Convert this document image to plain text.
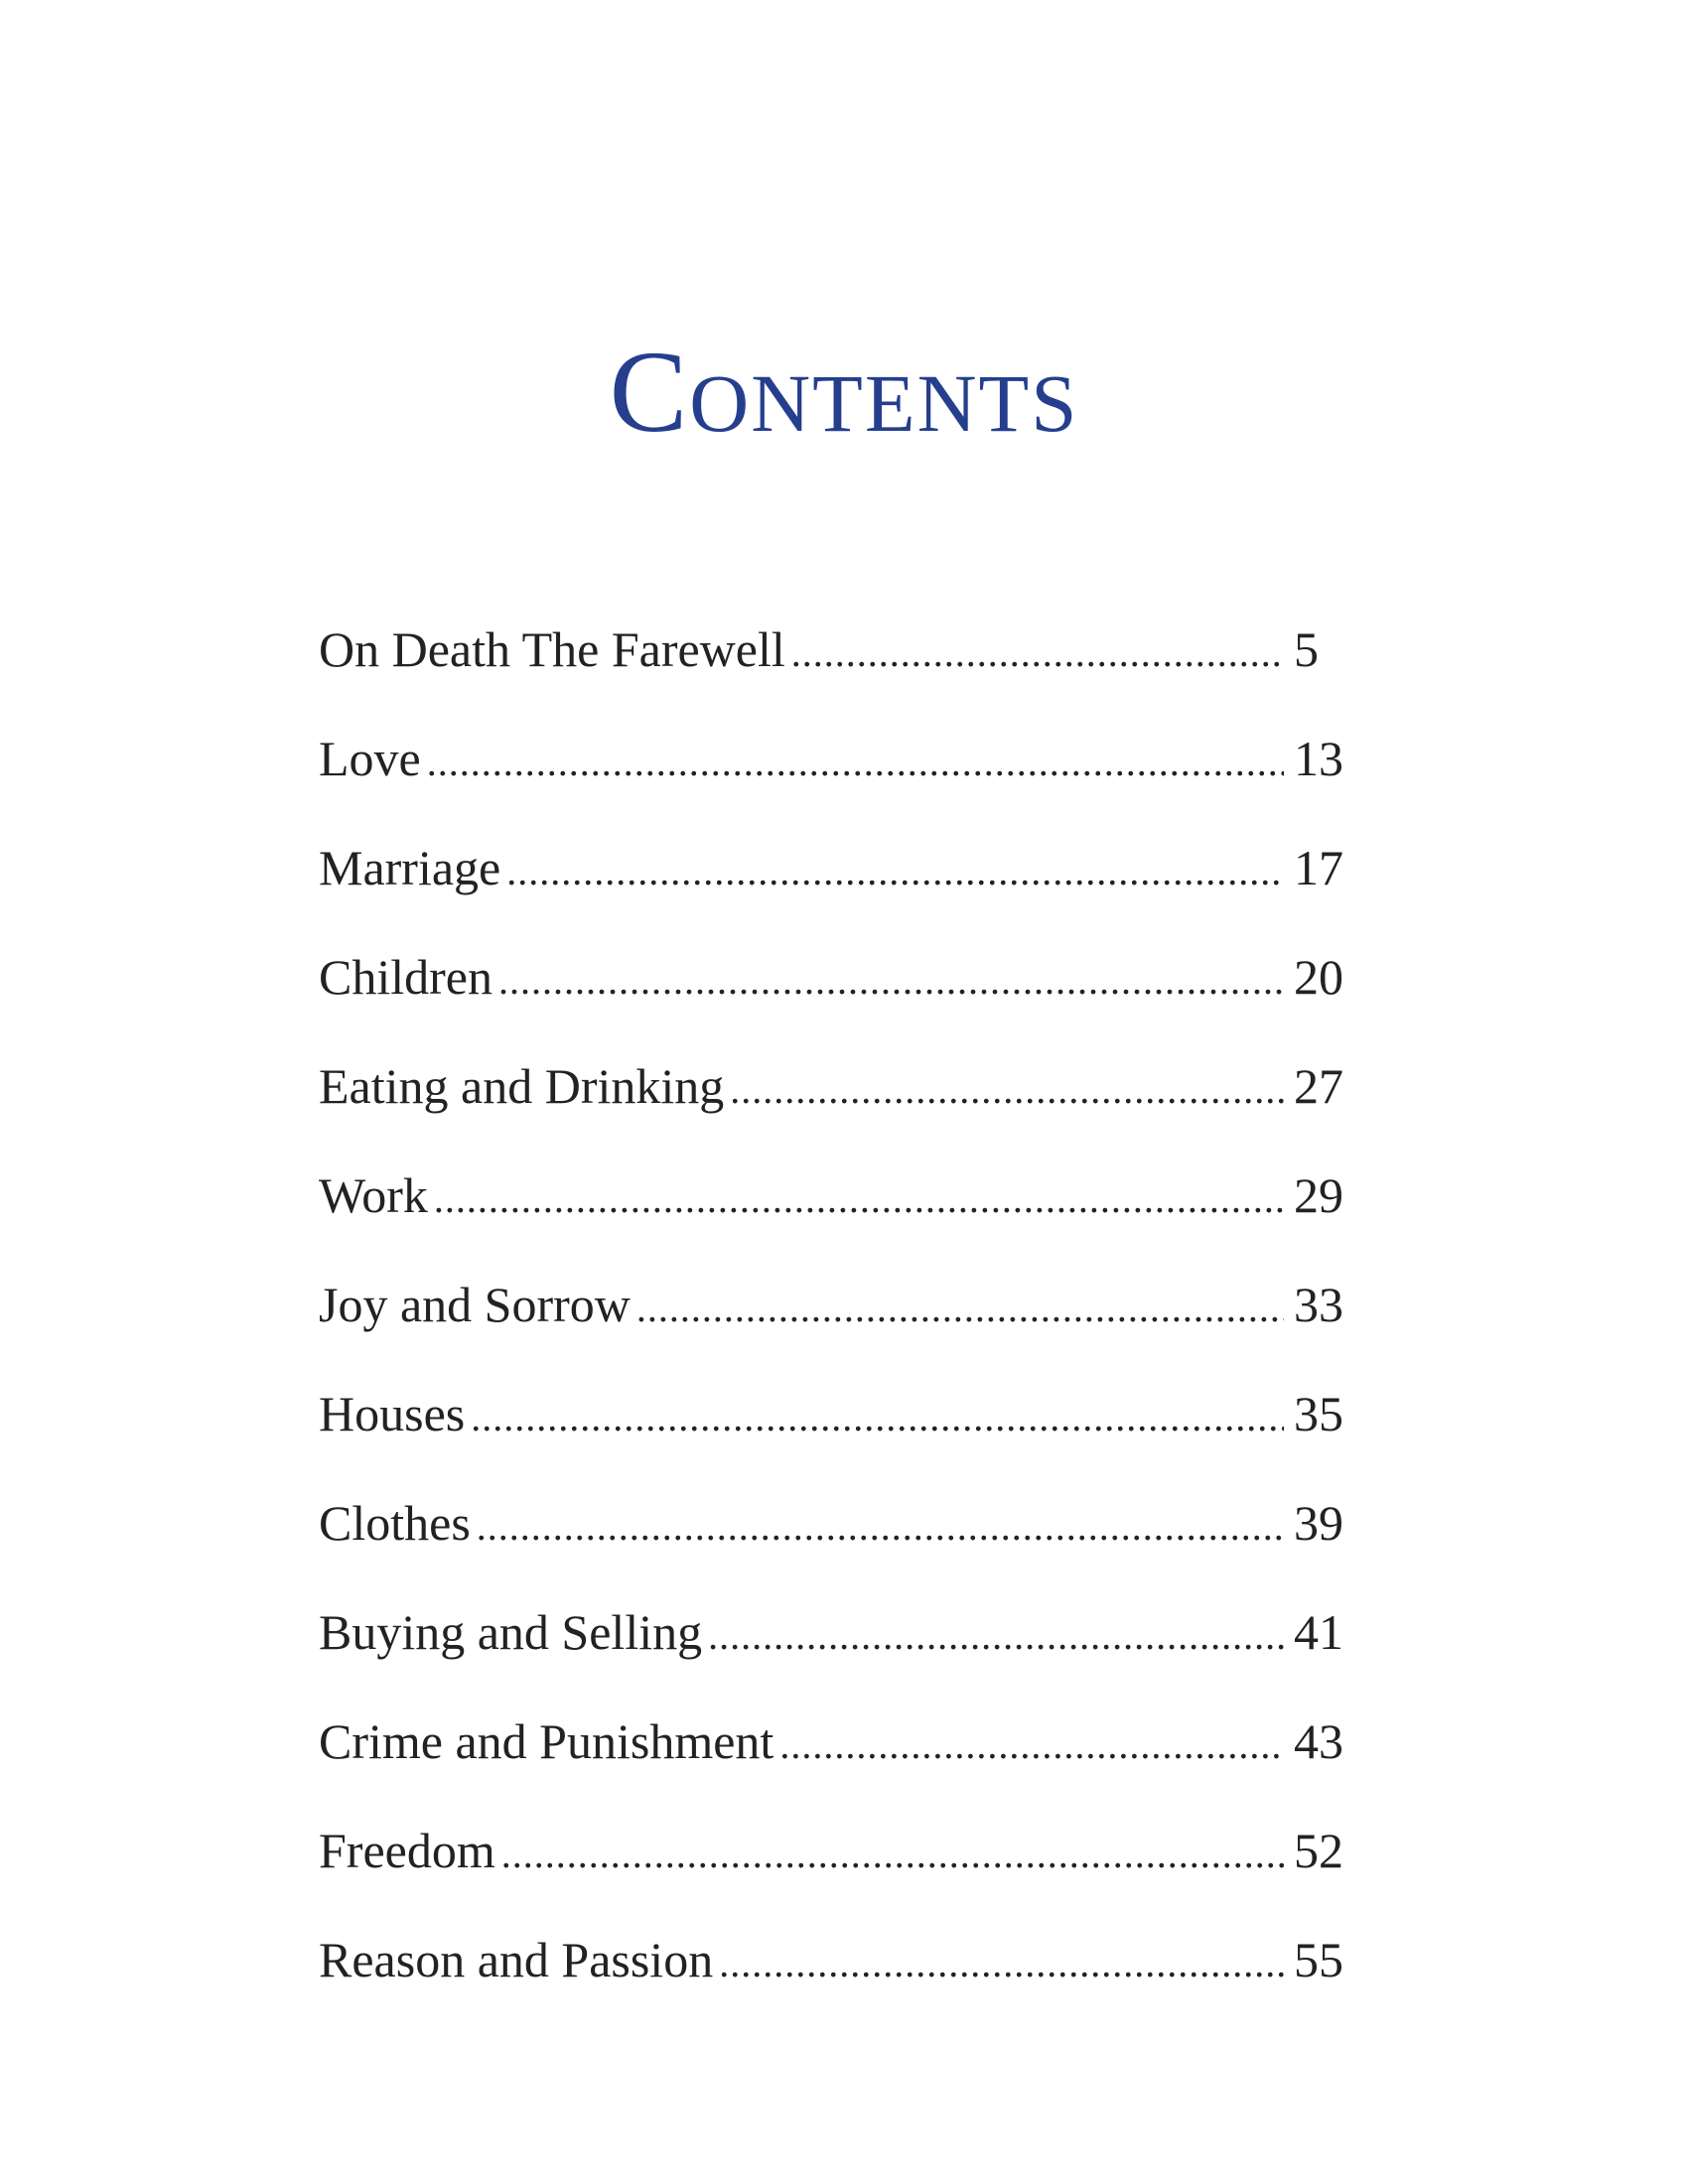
Contents
On Death The Farewell .....	5
Love .....	13
Marriage .....	17
Children .....	20
Eating and Drinking .....	27
Work .....	29
Joy and Sorrow .....	33
Houses .....	35
Clothes .....	39
Buying and Selling .....	41
Crime and Punishment .....	43
Freedom .....	52
Reason and Passion .....	55
